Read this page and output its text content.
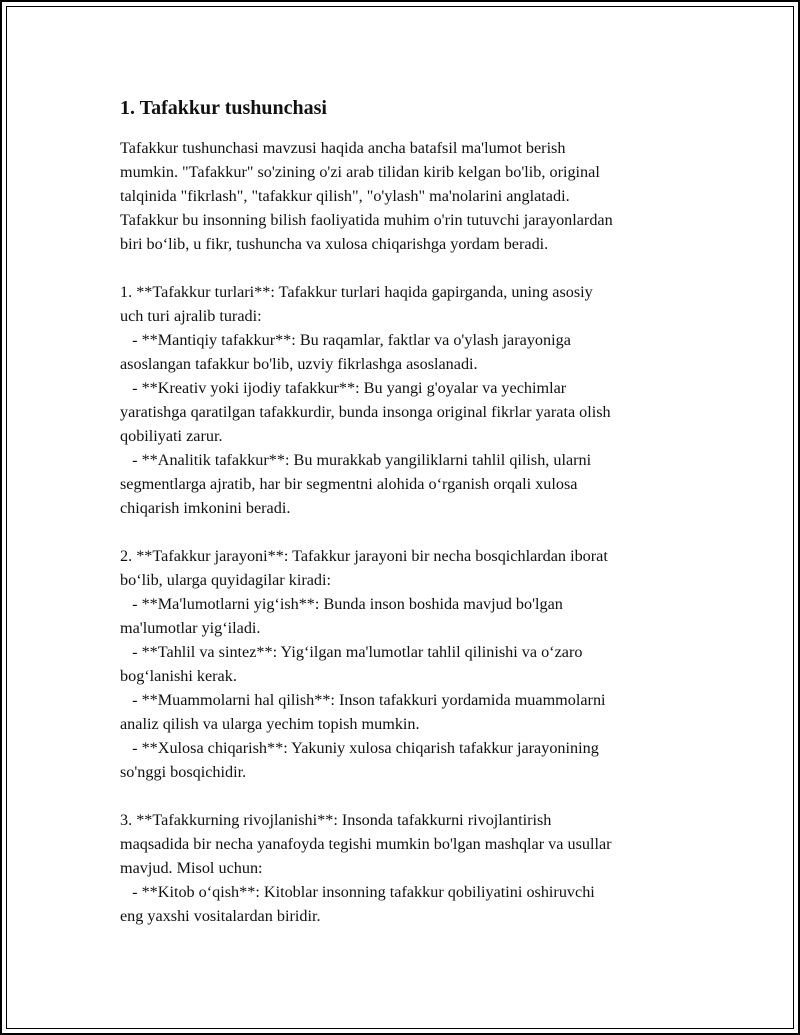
1. Tafakkur tushunchasi

Tafakkur tushunchasi mavzusi haqida ancha batafsil ma'lumot berish
mumkin. "Tafakkur" so'zining o'zi arab tilidan kirib kelgan bo'lib, original
talqinida "fikrlash", "tafakkur qilish", "o'ylash" ma'nolarini anglatadi.
Tafakkur bu insonning bilish faoliyatida muhim o'rin tutuvchi jarayonlardan
biri bo‘lib, u fikr, tushuncha va xulosa chiqarishga yordam beradi.

1. **Tafakkur turlari**: Tafakkur turlari haqida gapirganda, uning asosiy
uch turi ajralib turadi:
- **Mantiqiy tafakkur**: Bu raqamlar, faktlar va o'ylash jarayoniga
asoslangan tafakkur bo'lib, uzviy fikrlashga asoslanadi.
- **Kreativ yoki ijodiy tafakkur**: Bu yangi g'oyalar va yechimlar
yaratishga qaratilgan tafakkurdir, bunda insonga original fikrlar yarata olish
qobiliyati zarur.
- **Analitik tafakkur**: Bu murakkab yangiliklarni tahlil qilish, ularni
segmentlarga ajratib, har bir segmentni alohida o‘rganish orqali xulosa
chiqarish imkonini beradi.

2. **Tafakkur jarayoni**: Tafakkur jarayoni bir necha bosqichlardan iborat
bo‘lib, ularga quyidagilar kiradi:
- **Ma'lumotlarni yig‘ish**: Bunda inson boshida mavjud bo'lgan
ma'lumotlar yig‘iladi.
- **Tahlil va sintez**: Yig‘ilgan ma'lumotlar tahlil qilinishi va o‘zaro
bog‘lanishi kerak.
- **Muammolarni hal qilish**: Inson tafakkuri yordamida muammolarni
analiz qilish va ularga yechim topish mumkin.
- **Xulosa chiqarish**: Yakuniy xulosa chiqarish tafakkur jarayonining
so'nggi bosqichidir.

3. **Tafakkurning rivojlanishi**: Insonda tafakkurni rivojlantirish
maqsadida bir necha yanafoyda tegishi mumkin bo'lgan mashqlar va usullar
mavjud. Misol uchun:
- **Kitob o‘qish**: Kitoblar insonning tafakkur qobiliyatini oshiruvchi
eng yaxshi vositalardan biridir.
